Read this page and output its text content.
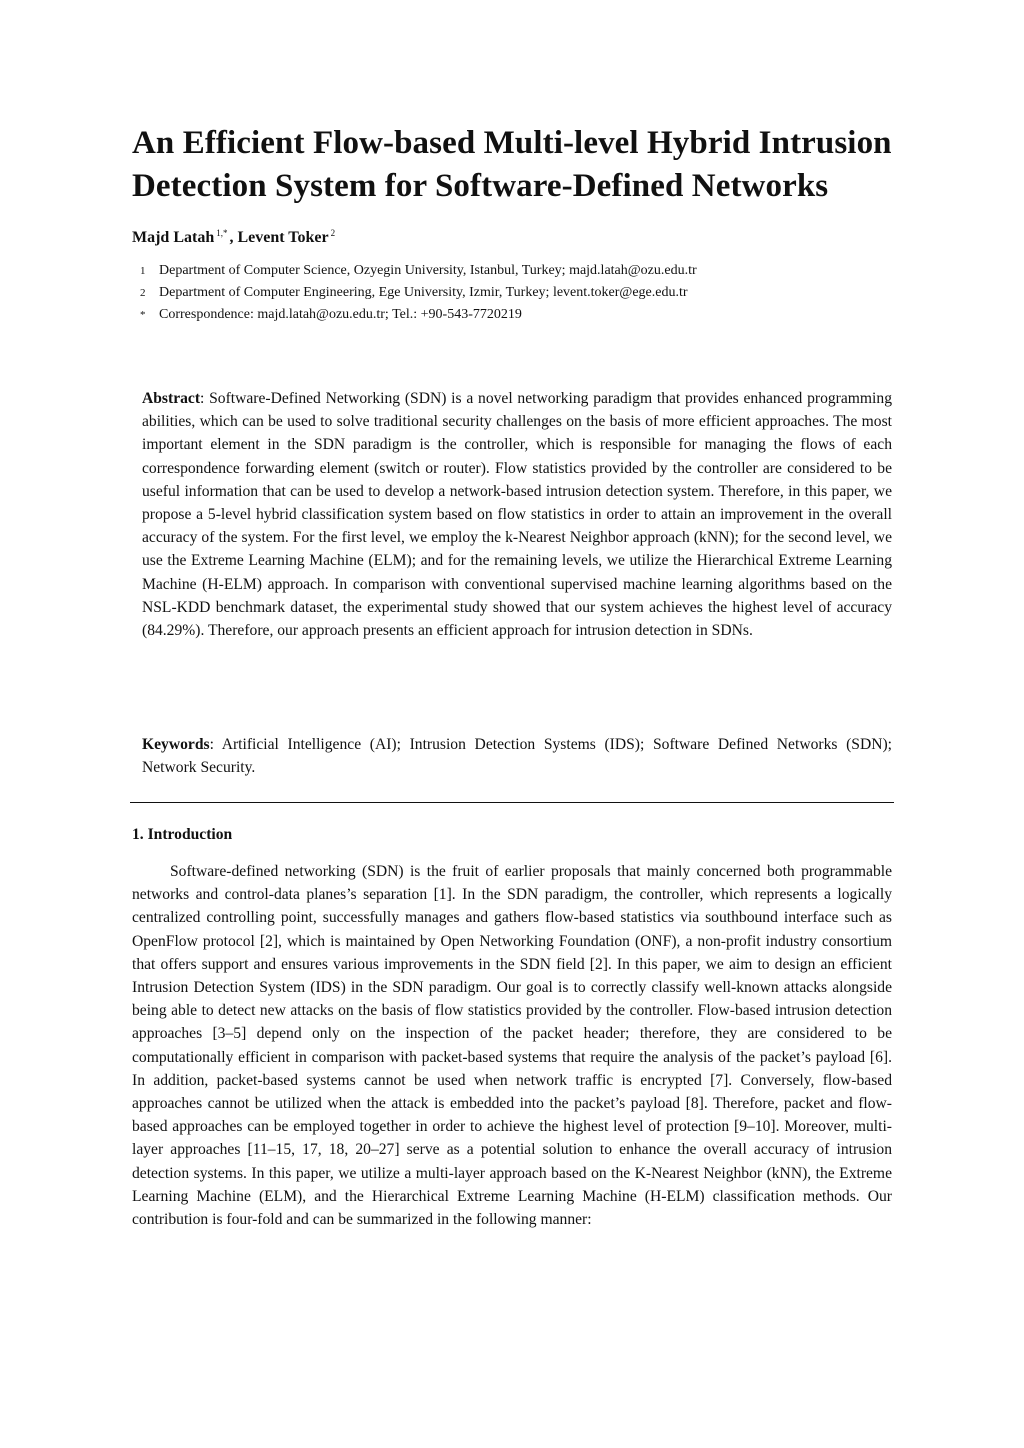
An Efficient Flow-based Multi-level Hybrid Intrusion Detection System for Software-Defined Networks

Majd Latah $^{1,*}$ , Levent Toker $^2$

1 Department of Computer Science, Ozyegin University, Istanbul, Turkey; majd.latah@ozu.edu.tr
2 Department of Computer Engineering, Ege University, Izmir, Turkey; levent.toker@ege.edu.tr
* Correspondence: majd.latah@ozu.edu.tr; Tel.: +90-543-7720219

Abstract: Software-Defined Networking (SDN) is a novel networking paradigm that provides enhanced programming abilities, which can be used to solve traditional security challenges on the basis of more efficient approaches. The most important element in the SDN paradigm is the controller, which is responsible for managing the flows of each correspondence forwarding element (switch or router). Flow statistics provided by the controller are considered to be useful information that can be used to develop a network-based intrusion detection system. Therefore, in this paper, we propose a 5-level hybrid classification system based on flow statistics in order to attain an improvement in the overall accuracy of the system. For the first level, we employ the k-Nearest Neighbor approach (kNN); for the second level, we use the Extreme Learning Machine (ELM); and for the remaining levels, we utilize the Hierarchical Extreme Learning Machine (H-ELM) approach. In comparison with conventional supervised machine learning algorithms based on the NSL-KDD benchmark dataset, the experimental study showed that our system achieves the highest level of accuracy (84.29%). Therefore, our approach presents an efficient approach for intrusion detection in SDNs.

Keywords: Artificial Intelligence (AI); Intrusion Detection Systems (IDS); Software Defined Networks (SDN); Network Security.

1. Introduction

Software-defined networking (SDN) is the fruit of earlier proposals that mainly concerned both programmable networks and control-data planes’s separation [1]. In the SDN paradigm, the controller, which represents a logically centralized controlling point, successfully manages and gathers flow-based statistics via southbound interface such as OpenFlow protocol [2], which is maintained by Open Networking Foundation (ONF), a non-profit industry consortium that offers support and ensures various improvements in the SDN field [2]. In this paper, we aim to design an efficient Intrusion Detection System (IDS) in the SDN paradigm. Our goal is to correctly classify well-known attacks alongside being able to detect new attacks on the basis of flow statistics provided by the controller. Flow-based intrusion detection approaches [3–5] depend only on the inspection of the packet header; therefore, they are considered to be computationally efficient in comparison with packet-based systems that require the analysis of the packet’s payload [6]. In addition, packet-based systems cannot be used when network traffic is encrypted [7]. Conversely, flow-based approaches cannot be utilized when the attack is embedded into the packet’s payload [8]. Therefore, packet and flow-based approaches can be employed together in order to achieve the highest level of protection [9–10]. Moreover, multi-layer approaches [11–15, 17, 18, 20–27] serve as a potential solution to enhance the overall accuracy of intrusion detection systems. In this paper, we utilize a multi-layer approach based on the K-Nearest Neighbor (kNN), the Extreme Learning Machine (ELM), and the Hierarchical Extreme Learning Machine (H-ELM) classification methods. Our contribution is four-fold and can be summarized in the following manner:
